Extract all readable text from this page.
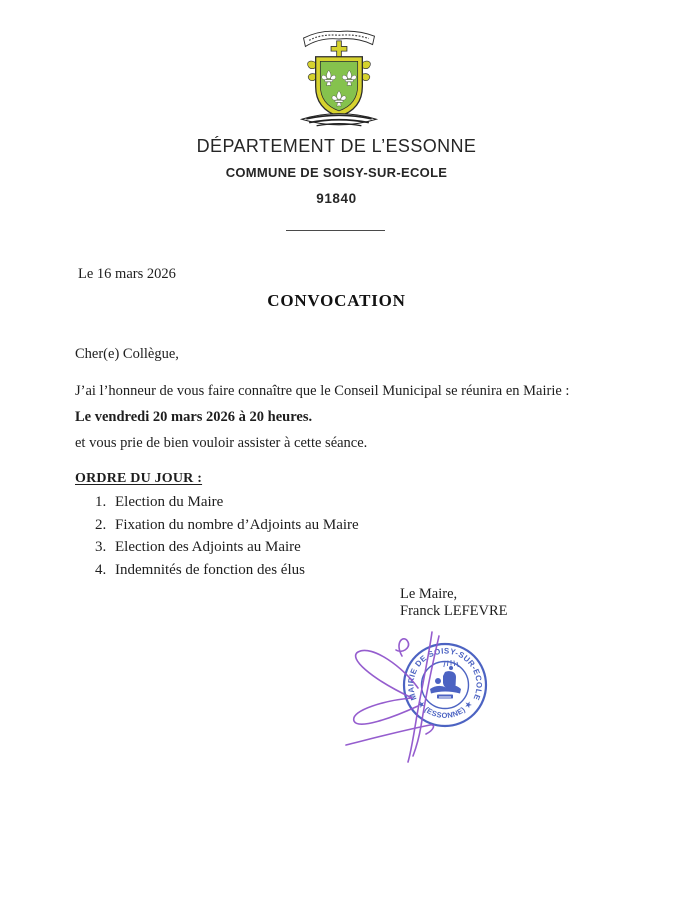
DÉPARTEMENT DE L’ESSONNE
COMMUNE DE SOISY-SUR-ECOLE
91840
Le 16 mars 2026
CONVOCATION
Cher(e) Collègue,
J’ai l’honneur de vous faire connaître que le Conseil Municipal se réunira en Mairie :
Le vendredi 20 mars 2026 à 20 heures.
et vous prie de bien vouloir assister à cette séance.
ORDRE DU JOUR :
1. Election du Maire
2. Fixation du nombre d’Adjoints au Maire
3. Election des Adjoints au Maire
4. Indemnités de fonction des élus
Le Maire,
Franck LEFEVRE
MAIRIE DE SOISY-SUR-ECOLE
★ (ESSONNE) ★
